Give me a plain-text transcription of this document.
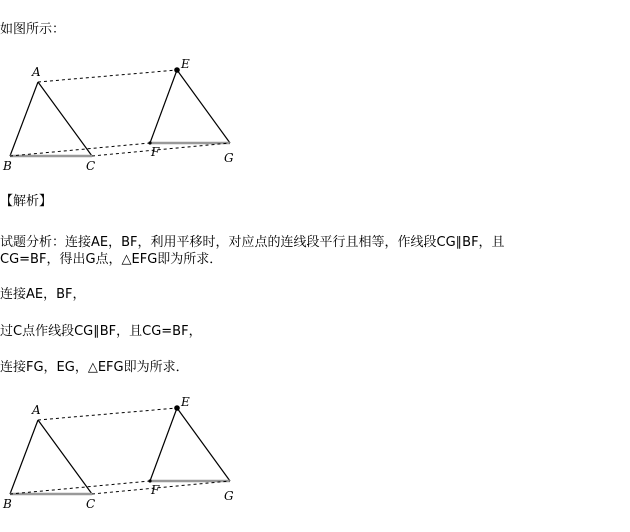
如图所示：
A
B	C
E
F	G
【解析】
试题分析：连接AE，BF，利用平移时，对应点的连线段平行且相等，作线段CG∥BF，且
CG=BF，得出G点，△EFG即为所求．
连接AE，BF，
过C点作线段CG∥BF，且CG=BF，
连接FG，EG，△EFG即为所求．
A
B	C
E
F	G
